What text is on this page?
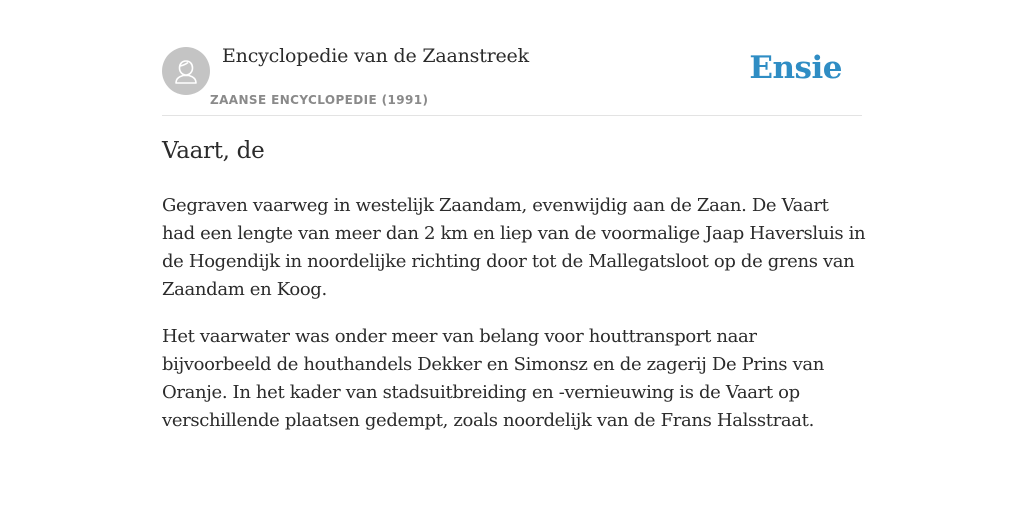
Encyclopedie van de Zaanstreek
ZAANSE ENCYCLOPEDIE (1991)
Ensie
Vaart, de

Gegraven vaarweg in westelijk Zaandam, evenwijdig aan de Zaan. De Vaart had een lengte van meer dan 2 km en liep van de voormalige Jaap Haversluis in de Hogendijk in noordelijke richting door tot de Mallegatsloot op de grens van Zaandam en Koog.

Het vaarwater was onder meer van belang voor houttransport naar bijvoorbeeld de houthandels Dekker en Simonsz en de zagerij De Prins van Oranje. In het kader van stadsuitbreiding en -vernieuwing is de Vaart op verschillende plaatsen gedempt, zoals noordelijk van de Frans Halsstraat.
